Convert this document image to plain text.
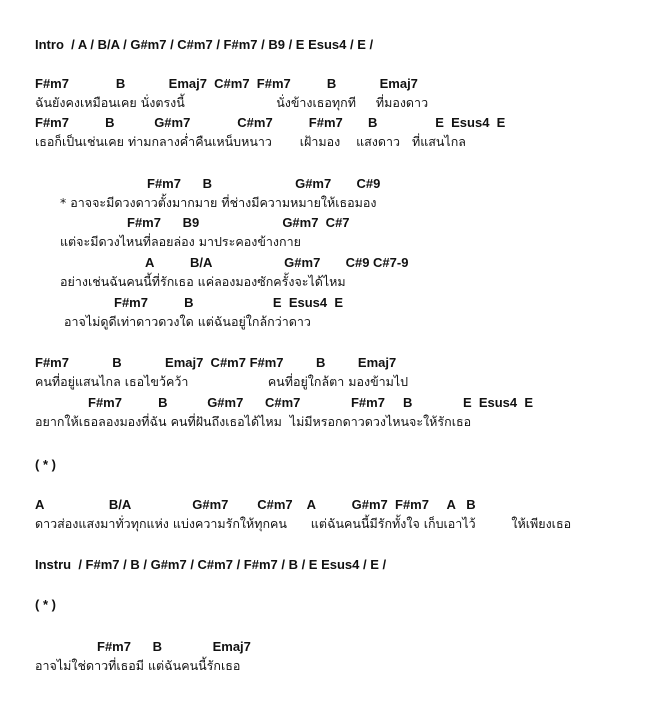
Intro  / A / B/A / G#m7 / C#m7 / F#m7 / B9 / E Esus4 / E /
F#m7             B            Emaj7  C#m7  F#m7          B            Emaj7
ฉันยังคงเหมือนเคย นั่งตรงนี้                       นั่งข้างเธอทุกที     ที่มองดาว
F#m7          B           G#m7             C#m7          F#m7       B                E  Esus4  E
เธอก็เป็นเช่นเคย ท่ามกลางค่ำคืนเหน็บหนาว       เฝ้ามอง    แสงดาว   ที่แสนไกล
F#m7      B                       G#m7       C#9
* อาจจะมีดวงดาวตั้งมากมาย ที่ช่างมีความหมายให้เธอมอง
F#m7      B9                       G#m7  C#7
แต่จะมีดวงไหนที่ลอยล่อง มาประคองข้างกาย
A          B/A                    G#m7       C#9 C#7-9
อย่างเช่นฉันคนนี้ที่รักเธอ แค่ลองมองซักครั้งจะได้ไหม
F#m7          B                      E  Esus4  E
อาจไม่ดูดีเท่าดาวดวงใด แต่ฉันอยู่ใกล้กว่าดาว
F#m7            B            Emaj7  C#m7 F#m7         B         Emaj7
คนที่อยู่แสนไกล เธอไขว้คว้า                    คนที่อยู่ใกล้ตา มองข้ามไป
F#m7          B           G#m7      C#m7              F#m7     B              E  Esus4  E
อยากให้เธอลองมองที่ฉัน คนที่ฝันถึงเธอได้ไหม  ไม่มีหรอกดาวดวงไหนจะให้รักเธอ
( * )
A                  B/A                 G#m7        C#m7    A          G#m7  F#m7     A   B
ดาวส่องแสงมาทั่วทุกแห่ง แบ่งความรักให้ทุกคน      แต่ฉันคนนี้มีรักทั้งใจ เก็บเอาไว้         ให้เพียงเธอ
Instru  / F#m7 / B / G#m7 / C#m7 / F#m7 / B / E Esus4 / E /
( * )
F#m7      B              Emaj7
อาจไม่ใช่ดาวที่เธอมี แต่ฉันคนนี้รักเธอ
